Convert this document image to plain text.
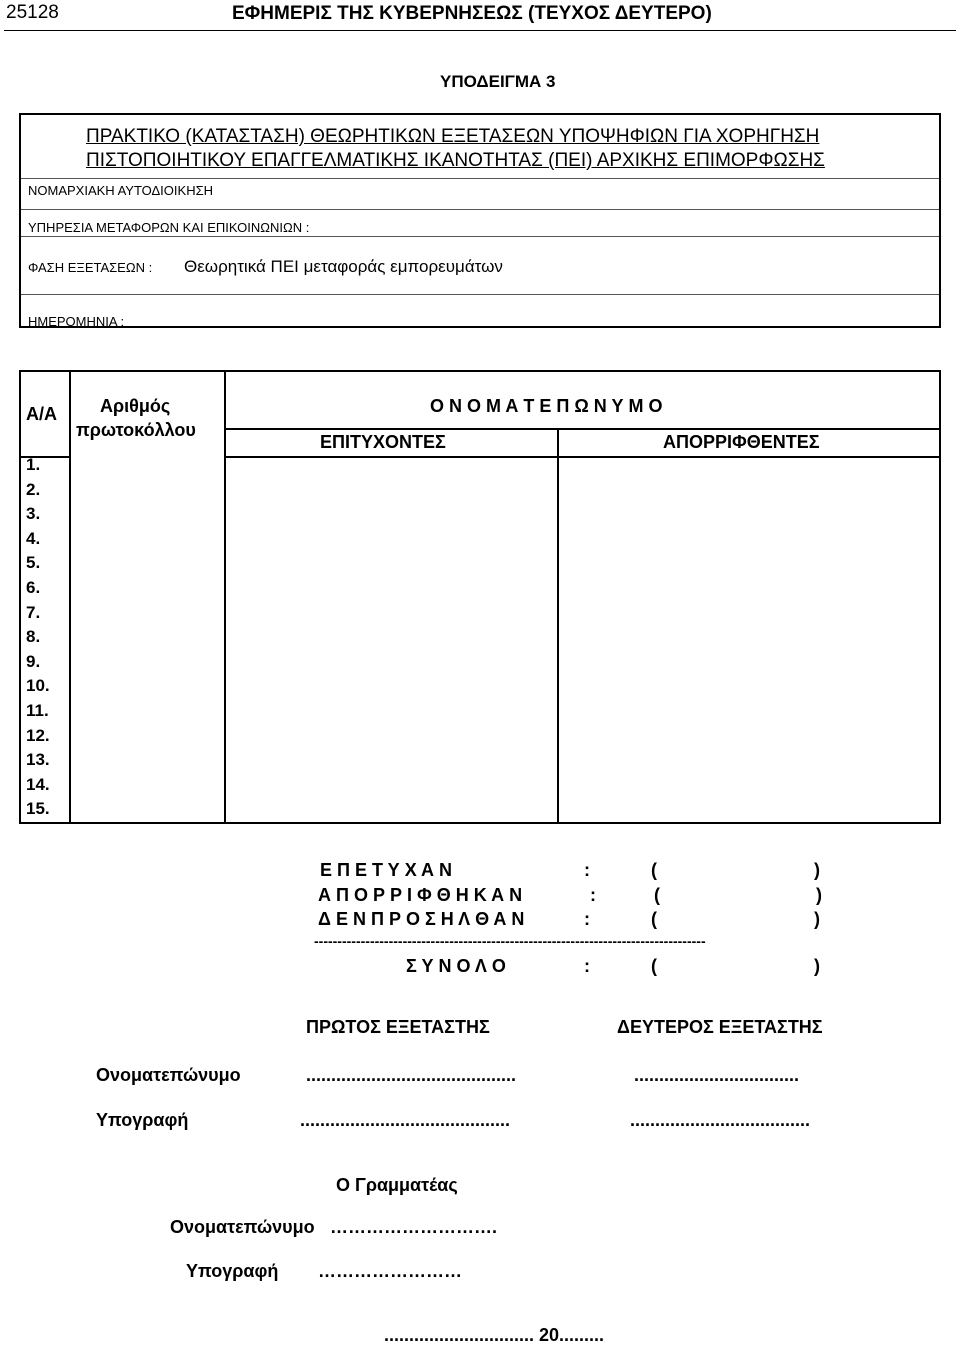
25128	ΕΦΗΜΕΡΙΣ ΤΗΣ ΚΥΒΕΡΝΗΣΕΩΣ (ΤΕΥΧΟΣ ΔΕΥΤΕΡΟ)
ΥΠΟΔΕΙΓΜΑ 3
ΠΡΑΚΤΙΚΟ (ΚΑΤΑΣΤΑΣΗ) ΘΕΩΡΗΤΙΚΩΝ ΕΞΕΤΑΣΕΩΝ ΥΠΟΨΗΦΙΩΝ ΓΙΑ ΧΟΡΗΓΗΣΗ
ΠΙΣΤΟΠΟΙΗΤΙΚΟΥ ΕΠΑΓΓΕΛΜΑΤΙΚΗΣ ΙΚΑΝΟΤΗΤΑΣ (ΠΕΙ) ΑΡΧΙΚΗΣ ΕΠΙΜΟΡΦΩΣΗΣ
ΝΟΜΑΡΧΙΑΚΗ ΑΥΤΟΔΙΟΙΚΗΣΗ
ΥΠΗΡΕΣΙΑ ΜΕΤΑΦΟΡΩΝ ΚΑΙ ΕΠΙΚΟΙΝΩΝΙΩΝ :
ΦΑΣΗ ΕΞΕΤΑΣΕΩΝ : Θεωρητικά ΠΕΙ μεταφοράς εμπορευμάτων
ΗΜΕΡΟΜΗΝΙΑ :
Α/Α Αριθμός
πρωτοκόλλου
Ο Ν Ο Μ Α Τ Ε Π Ω Ν Υ Μ Ο
ΕΠΙΤΥΧΟΝΤΕΣ	ΑΠΟΡΡΙΦΘΕΝΤΕΣ
1.
2.
3.
4.
5.
6.
7.
8.
9.
10.
11.
12.
13.
14.
15.
Ε Π Ε Τ Υ Χ Α Ν	:	(	)
Α Π Ο Ρ Ρ Ι Φ Θ Η Κ Α Ν	:	(	)
Δ Ε Ν Π Ρ Ο Σ Η Λ Θ Α Ν	:	(	)
------------------------------------------------------------------------------------
Σ Υ Ν Ο Λ Ο	:	(	)
ΠΡΩΤΟΣ ΕΞΕΤΑΣΤΗΣ	ΔΕΥΤΕΡΟΣ ΕΞΕΤΑΣΤΗΣ
Ονοματεπώνυμο	..........................................	.................................
Υπογραφή	..........................................	....................................
Ο Γραμματέας
Ονοματεπώνυμο ……………………….
Υπογραφή ……………………
.............................. 20.........
